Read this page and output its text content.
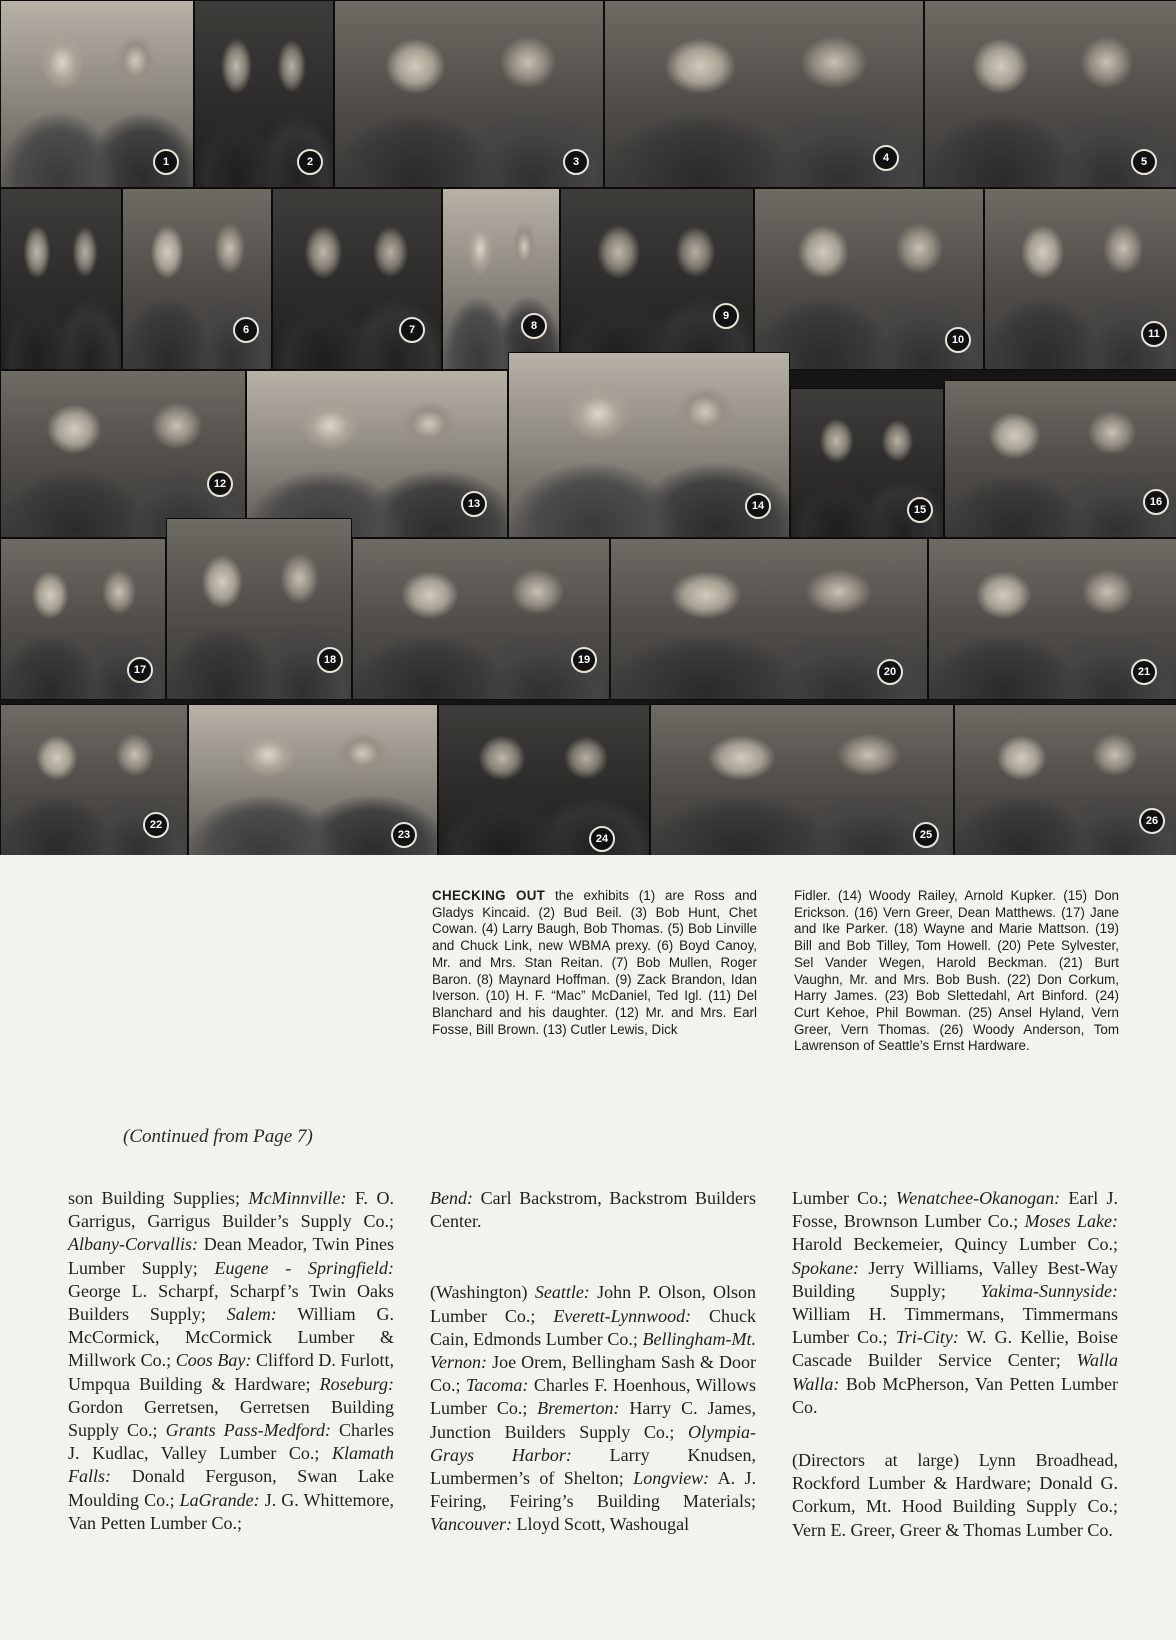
1	2	3	4	5
6	7	8
9
10	11
12
13	14	15
16
17
18	19
20	21
22
23	24	25
26

CHECKING OUT the exhibits (1) are Ross and Gladys Kincaid. (2) Bud Beil. (3) Bob Hunt, Chet Cowan. (4) Larry Baugh, Bob Thomas. (5) Bob Linville and Chuck Link, new WBMA prexy. (6) Boyd Canoy, Mr. and Mrs. Stan Reitan. (7) Bob Mullen, Roger Baron. (8) Maynard Hoffman. (9) Zack Brandon, Idan Iverson. (10) H. F. “Mac” McDaniel, Ted Igl. (11) Del Blanchard and his daughter. (12) Mr. and Mrs. Earl Fosse, Bill Brown. (13) Cutler Lewis, Dick

Fidler. (14) Woody Railey, Arnold Kupker. (15) Don Erickson. (16) Vern Greer, Dean Matthews. (17) Jane and Ike Parker. (18) Wayne and Marie Mattson. (19) Bill and Bob Tilley, Tom Howell. (20) Pete Sylvester, Sel Vander Wegen, Harold Beckman. (21) Burt Vaughn, Mr. and Mrs. Bob Bush. (22) Don Corkum, Harry James. (23) Bob Slettedahl, Art Binford. (24) Curt Kehoe, Phil Bowman. (25) Ansel Hyland, Vern Greer, Vern Thomas. (26) Woody Anderson, Tom Lawrenson of Seattle’s Ernst Hardware.

(Continued from Page 7)

son Building Supplies; McMinnville: F. O. Garrigus, Garrigus Builder’s Supply Co.; Albany-Corvallis: Dean Meador, Twin Pines Lumber Supply; Eugene - Springfield: George L. Scharpf, Scharpf’s Twin Oaks Builders Supply; Salem: William G. McCormick, McCormick Lumber & Millwork Co.; Coos Bay: Clifford D. Furlott, Umpqua Building & Hardware; Roseburg: Gordon Gerretsen, Gerretsen Building Supply Co.; Grants Pass-Medford: Charles J. Kudlac, Valley Lumber Co.; Klamath Falls: Donald Ferguson, Swan Lake Moulding Co.; LaGrande: J. G. Whittemore, Van Petten Lumber Co.;

Bend: Carl Backstrom, Backstrom Builders Center.

(Washington) Seattle: John P. Olson, Olson Lumber Co.; Everett-Lynnwood: Chuck Cain, Edmonds Lumber Co.; Bellingham-Mt. Vernon: Joe Orem, Bellingham Sash & Door Co.; Tacoma: Charles F. Hoenhous, Willows Lumber Co.; Bremerton: Harry C. James, Junction Builders Supply Co.; Olympia-Grays Harbor: Larry Knudsen, Lumbermen’s of Shelton; Longview: A. J. Feiring, Feiring’s Building Materials; Vancouver: Lloyd Scott, Washougal

Lumber Co.; Wenatchee-Okanogan: Earl J. Fosse, Brownson Lumber Co.; Moses Lake: Harold Beckemeier, Quincy Lumber Co.; Spokane: Jerry Williams, Valley Best-Way Building Supply; Yakima-Sunnyside: William H. Timmermans, Timmermans Lumber Co.; Tri-City: W. G. Kellie, Boise Cascade Builder Service Center; Walla Walla: Bob McPherson, Van Petten Lumber Co.

(Directors at large) Lynn Broadhead, Rockford Lumber & Hardware; Donald G. Corkum, Mt. Hood Building Supply Co.; Vern E. Greer, Greer & Thomas Lumber Co.
